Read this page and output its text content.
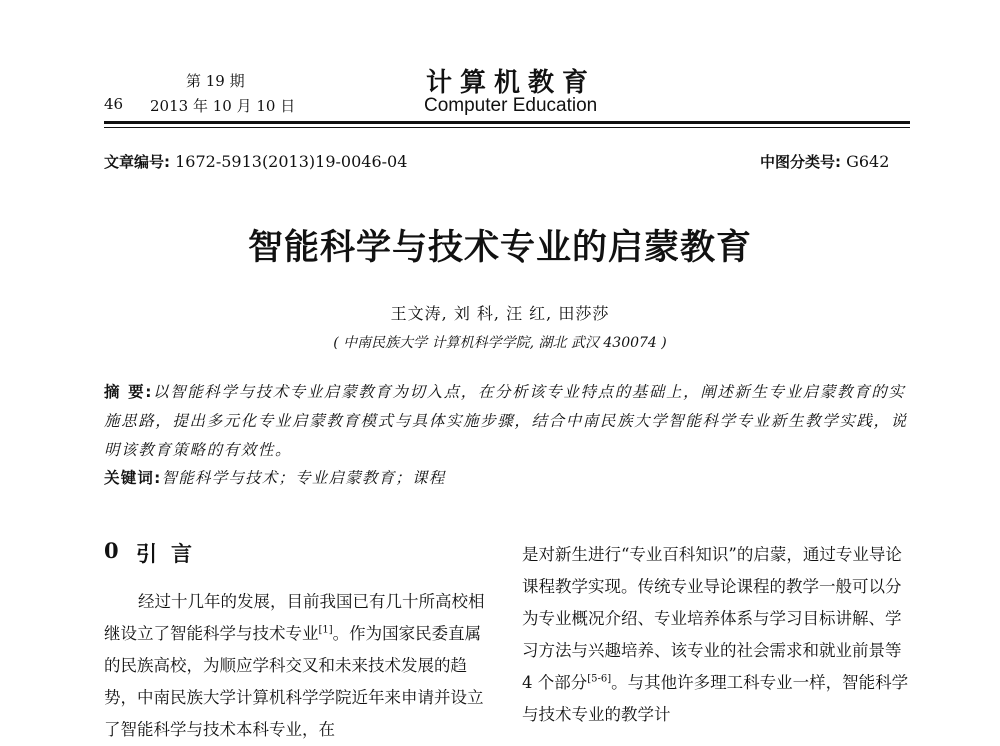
第 19 期
46 2013 年 10 月 10 日
计算机教育
Computer Education
文章编号: 1672-5913(2013)19-0046-04	中图分类号: G642
智能科学与技术专业的启蒙教育
王文涛, 刘 科, 汪 红, 田莎莎
( 中南民族大学 计算机科学学院, 湖北 武汉 430074 )
摘 要:以智能科学与技术专业启蒙教育为切入点，在分析该专业特点的基础上，阐述新生专业启蒙教育的实施思路，提出多元化专业启蒙教育模式与具体实施步骤，结合中南民族大学智能科学专业新生教学实践，说明该教育策略的有效性。
关键词:智能科学与技术；专业启蒙教育；课程
0 引言

经过十几年的发展，目前我国已有几十所高校相继设立了智能科学与技术专业[1]。作为国家民委直属的民族高校，为顺应学科交叉和未来技术发展的趋势，中南民族大学计算机科学学院近年来申请并设立了智能科学与技术本科专业，在

是对新生进行“专业百科知识”的启蒙，通过专业导论课程教学实现。传统专业导论课程的教学一般可以分为专业概况介绍、专业培养体系与学习目标讲解、学习方法与兴趣培养、该专业的社会需求和就业前景等 4 个部分[5-6]。与其他许多理工科专业一样，智能科学与技术专业的教学计
